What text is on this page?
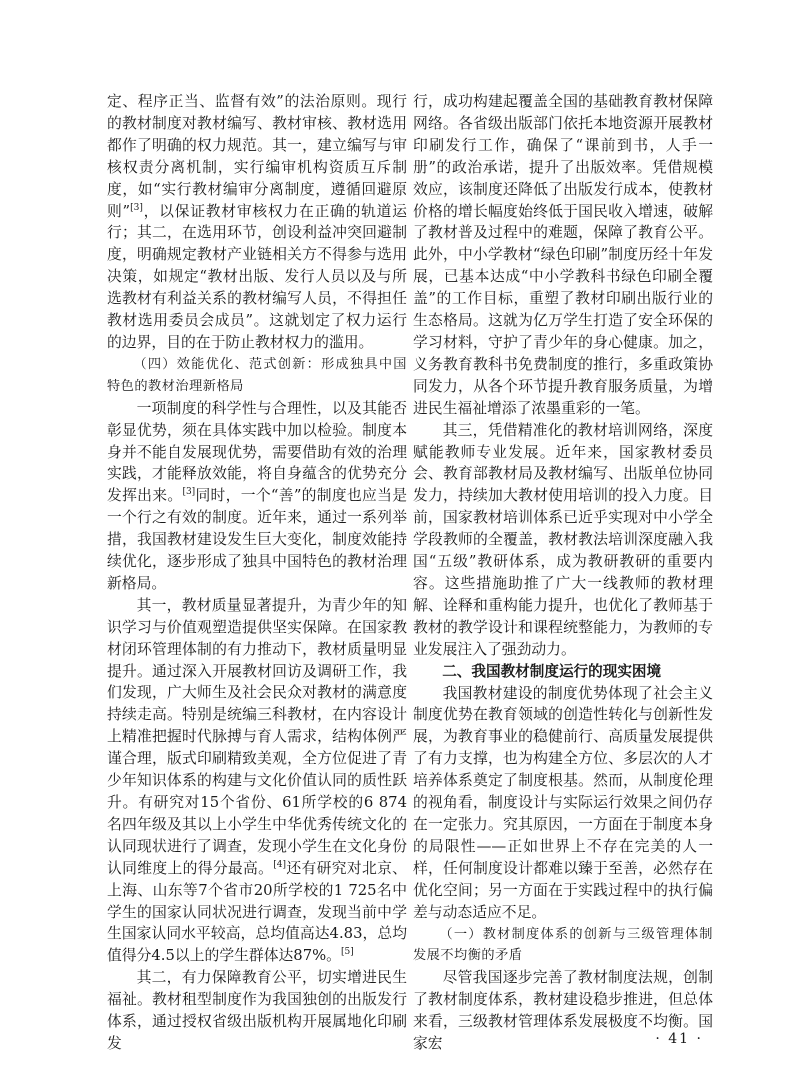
定、程序正当、监督有效”的法治原则。现行的教材制度对教材编写、教材审核、教材选用都作了明确的权力规范。其一，建立编写与审核权责分离机制，实行编审机构资质互斥制度，如“实行教材编审分离制度，遵循回避原则”[3]，以保证教材审核权力在正确的轨道运行；其二，在选用环节，创设利益冲突回避制度，明确规定教材产业链相关方不得参与选用决策，如规定“教材出版、发行人员以及与所选教材有利益关系的教材编写人员，不得担任教材选用委员会成员”。这就划定了权力运行的边界，目的在于防止教材权力的滥用。

（四）效能优化、范式创新：形成独具中国特色的教材治理新格局

一项制度的科学性与合理性，以及其能否彰显优势，须在具体实践中加以检验。制度本身并不能自发展现优势，需要借助有效的治理实践，才能释放效能，将自身蕴含的优势充分发挥出来。[3]同时，一个“善”的制度也应当是一个行之有效的制度。近年来，通过一系列举措，我国教材建设发生巨大变化，制度效能持续优化，逐步形成了独具中国特色的教材治理新格局。

其一，教材质量显著提升，为青少年的知识学习与价值观塑造提供坚实保障。在国家教材闭环管理体制的有力推动下，教材质量明显提升。通过深入开展教材回访及调研工作，我们发现，广大师生及社会民众对教材的满意度持续走高。特别是统编三科教材，在内容设计上精准把握时代脉搏与育人需求，结构体例严谨合理，版式印刷精致美观，全方位促进了青少年知识体系的构建与文化价值认同的质性跃升。有研究对15个省份、61所学校的6 874名四年级及其以上小学生中华优秀传统文化的认同现状进行了调查，发现小学生在文化身份认同维度上的得分最高。[4]还有研究对北京、上海、山东等7个省市20所学校的1 725名中学生的国家认同状况进行调查，发现当前中学生国家认同水平较高，总均值高达4.83，总均值得分4.5以上的学生群体达87%。[5]

其二，有力保障教育公平，切实增进民生福祉。教材租型制度作为我国独创的出版发行体系，通过授权省级出版机构开展属地化印刷发

行，成功构建起覆盖全国的基础教育教材保障网络。各省级出版部门依托本地资源开展教材印刷发行工作，确保了“课前到书，人手一册”的政治承诺，提升了出版效率。凭借规模效应，该制度还降低了出版发行成本，使教材价格的增长幅度始终低于国民收入增速，破解了教材普及过程中的难题，保障了教育公平。此外，中小学教材“绿色印刷”制度历经十年发展，已基本达成“中小学教科书绿色印刷全覆盖”的工作目标，重塑了教材印刷出版行业的生态格局。这就为亿万学生打造了安全环保的学习材料，守护了青少年的身心健康。加之，义务教育教科书免费制度的推行，多重政策协同发力，从各个环节提升教育服务质量，为增进民生福祉增添了浓墨重彩的一笔。

其三，凭借精准化的教材培训网络，深度赋能教师专业发展。近年来，国家教材委员会、教育部教材局及教材编写、出版单位协同发力，持续加大教材使用培训的投入力度。目前，国家教材培训体系已近乎实现对中小学全学段教师的全覆盖，教材教法培训深度融入我国“五级”教研体系，成为教研教研的重要内容。这些措施助推了广大一线教师的教材理解、诠释和重构能力提升，也优化了教师基于教材的教学设计和课程统整能力，为教师的专业发展注入了强劲动力。

二、我国教材制度运行的现实困境

我国教材建设的制度优势体现了社会主义制度优势在教育领域的创造性转化与创新性发展，为教育事业的稳健前行、高质量发展提供了有力支撑，也为构建全方位、多层次的人才培养体系奠定了制度根基。然而，从制度伦理的视角看，制度设计与实际运行效果之间仍存在一定张力。究其原因，一方面在于制度本身的局限性——正如世界上不存在完美的人一样，任何制度设计都难以臻于至善，必然存在优化空间；另一方面在于实践过程中的执行偏差与动态适应不足。

（一）教材制度体系的创新与三级管理体制发展不均衡的矛盾

尽管我国逐步完善了教材制度法规，创制了教材制度体系，教材建设稳步推进，但总体来看，三级教材管理体系发展极度不均衡。国家宏	· 41 ·
